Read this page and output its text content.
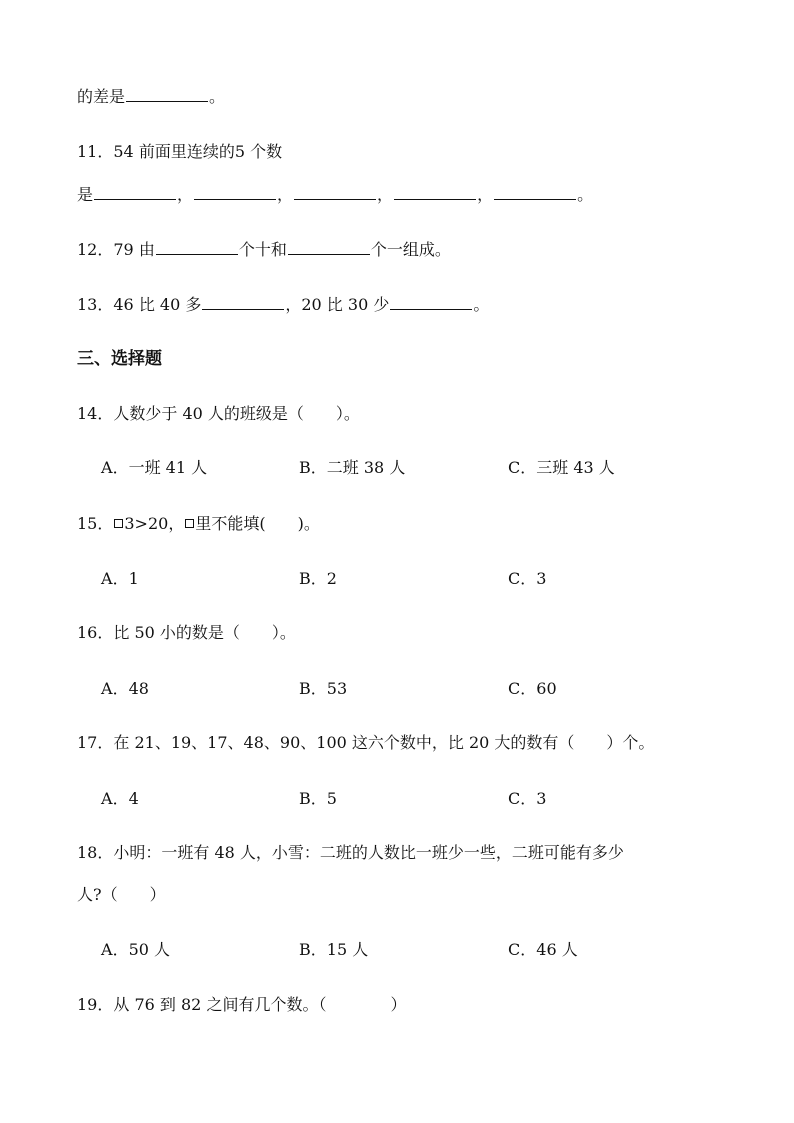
的差是	。
11．54 前面里连续的5 个数
是	，	，	，	，	。
12．79 由	个十和	个一组成。
13．46 比 40 多	，20 比 30 少	。
三、选择题
14．人数少于 40 人的班级是（　　）。
A．一班 41 人	B．二班 38 人	C．三班 43 人
15． 3>20， 里不能填(　　)。
A．1	B．2	C．3
16．比 50 小的数是（　　）。
A．48	B．53	C．60
17．在 21、19、17、48、90、100 这六个数中，比 20 大的数有（　　）个。
A．4	B．5	C．3
18．小明：一班有 48 人，小雪：二班的人数比一班少一些，二班可能有多少
人?（　　）
A．50 人	B．15 人	C．46 人
19．从 76 到 82 之间有几个数。（　　　　）
